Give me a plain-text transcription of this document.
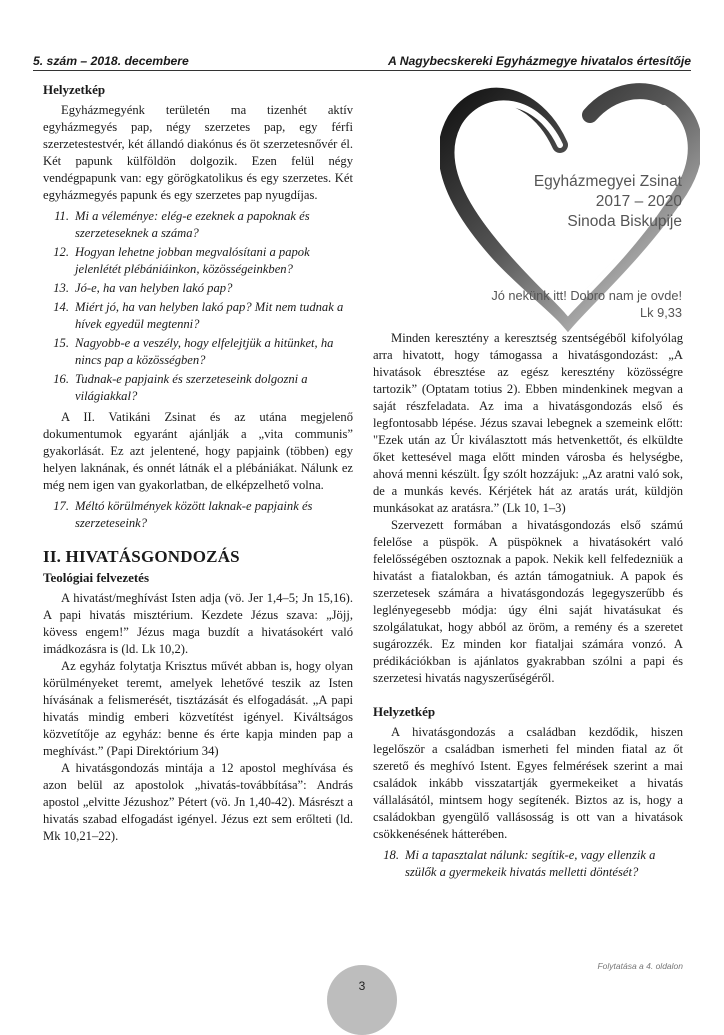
5. szám – 2018. decembere	A Nagybecskereki Egyházmegye hivatalos értesítője
Egyházmegyei Zsinat
2017 – 2020
Sinoda Biskupije
Jó nekünk itt! Dobro nam je ovde!
Lk 9,33
Helyzetkép

Egyházmegyénk területén ma tizenhét aktív egyházmegyés pap, négy szerzetes pap, egy férfi szerzetestestvér, két állandó diakónus és öt szerzetesnővér él. Két papunk külföldön dolgozik. Ezen felül négy vendégpapunk van: egy görögkatolikus és egy szerzetes. Két egyházmegyés papunk és egy szerzetes pap nyugdíjas.

11. Mi a véleménye: elég-e ezeknek a papoknak és szerzeteseknek a száma?
12. Hogyan lehetne jobban megvalósítani a papok jelenlétét plébániáinkon, közösségeinkben?
13. Jó-e, ha van helyben lakó pap?
14. Miért jó, ha van helyben lakó pap? Mit nem tudnak a hívek egyedül megtenni?
15. Nagyobb-e a veszély, hogy elfelejtjük a hitünket, ha nincs pap a közösségben?
16. Tudnak-e papjaink és szerzeteseink dolgozni a világiakkal?

A II. Vatikáni Zsinat és az utána megjelenő dokumentumok egyaránt ajánlják a „vita communis” gyakorlását. Ez azt jelentené, hogy papjaink (többen) egy helyen laknának, és onnét látnák el a plébániákat. Nálunk ez még nem igen van gyakorlatban, de elképzelhető volna.

17. Méltó körülmények között laknak-e papjaink és szerzeteseink?
II. HIVATÁSGONDOZÁS
Teológiai felvezetés

A hivatást/meghívást Isten adja (vö. Jer 1,4–5; Jn 15,16). A papi hivatás misztérium. Kezdete Jézus szava: „Jöjj, kövess engem!” Jézus maga buzdít a hivatásokért való imádkozásra is (ld. Lk 10,2).

Az egyház folytatja Krisztus művét abban is, hogy olyan körülményeket teremt, amelyek lehetővé teszik az Isten hívásának a felismerését, tisztázását és elfogadását. „A papi hivatás mindig emberi közvetítést igényel. Kiváltságos közvetítője az egyház: benne és érte kapja minden pap a meghívást.” (Papi Direktórium 34)

A hivatásgondozás mintája a 12 apostol meghívása és azon belül az apostolok „hivatás-továbbítása”: András apostol „elvitte Jézushoz” Pétert (vö. Jn 1,40-42). Másrészt a hivatás szabad elfogadást igényel. Jézus ezt sem erőlteti (ld. Mk 10,21–22).

Minden keresztény a keresztség szentségéből kifolyólag arra hivatott, hogy támogassa a hivatásgondozást: „A hivatások ébresztése az egész keresztény közösségre tartozik” (Optatam totius 2). Ebben mindenkinek megvan a saját részfeladata. Az ima a hivatásgondozás első és legfontosabb lépése. Jézus szavai lebegnek a szemeink előtt: "Ezek után az Úr kiválasztott más hetvenkettőt, és elküldte őket kettesével maga előtt minden városba és helységbe, ahová menni készült. Így szólt hozzájuk: „Az aratni való sok, de a munkás kevés. Kérjétek hát az aratás urát, küldjön munkásokat az aratásra.” (Lk 10, 1–3)

Szervezett formában a hivatásgondozás első számú felelőse a püspök. A püspöknek a hivatásokért való felelősségében osztoznak a papok. Nekik kell felfedezniük a hivatást a fiatalokban, és aztán támogatniuk. A papok és szerzetesek számára a hivatásgondozás legegyszerűbb és leglényegesebb módja: úgy élni saját hivatásukat és szolgálatukat, hogy abból az öröm, a remény és a szeretet sugározzék. Ez minden kor fiataljai számára vonzó. A prédikációkban is ajánlatos gyakrabban szólni a papi és szerzetesi hivatás nagyszerűségéről.

Helyzetkép

A hivatásgondozás a családban kezdődik, hiszen legelőször a családban ismerheti fel minden fiatal az őt szerető és meghívó Istent. Egyes felmérések szerint a mai családok inkább visszatartják gyermekeiket a hivatás vállalásától, mintsem hogy segítenék. Biztos az is, hogy a családokban gyengülő vallásosság is ott van a hivatások csökkenésének hátterében.

18. Mi a tapasztalat nálunk: segítik-e, vagy ellenzik a szülők a gyermekeik hivatás melletti döntését?
Folytatása a 4. oldalon
3
